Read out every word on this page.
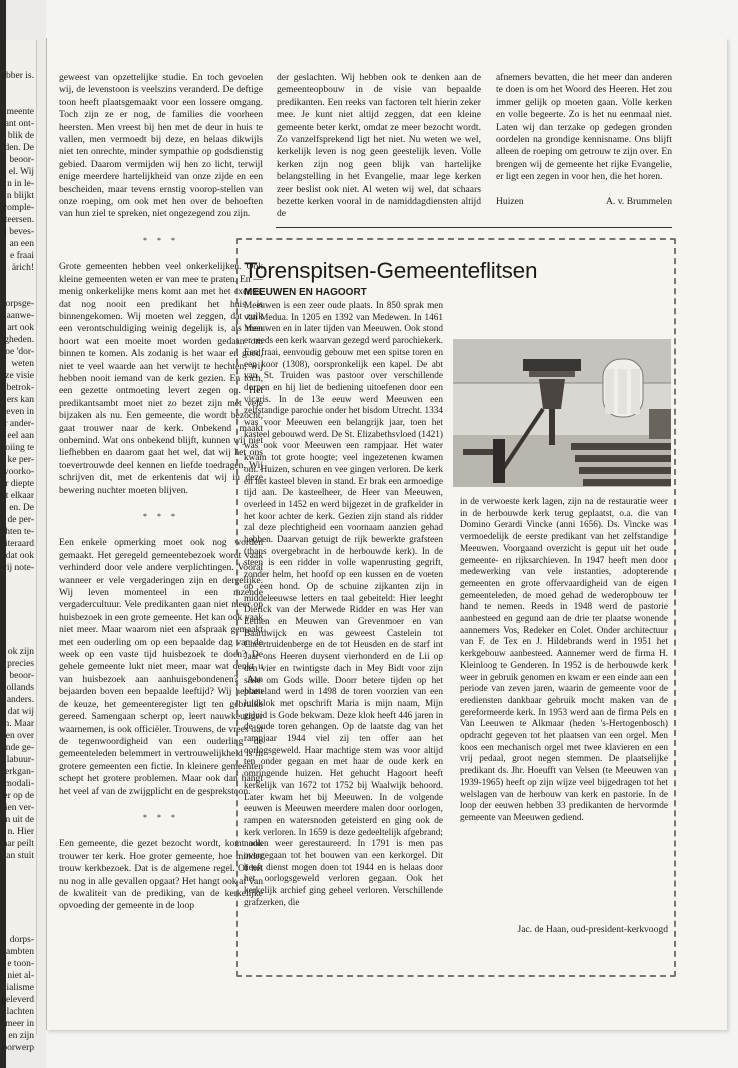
ebber is.
meente
ant ont-
blik de
den. De
beoor-
el. Wij
n in le-
n blijkt
comple-
teersen.
j beves-
an een
e fraai
ärich!
orpsge-
aanwe-
art ook
gheden.
oe 'dor-
weten
ze visie
betrok-
ers kan
even in
r ander-
eel aan
oiing te
ke per-
voorko-
r diepte
t elkaar
en. De
de per-
hten te-
iteraard
dat ook
vij note-
ok zijn
precies
beoor-
ollands
anders.
dat wij
n. Maar
en over
nde ge-
labuur-
erkgan-
modali-
er op de
ien ver-
n uit de
n. Hier
aar peilt
an stuit
dorps-
ambten
e toon-
niet al-
ialisme
geleverd
lachten
meer in
en zijn
oorwerp

geweest van opzettelijke studie. En toch gevoelen wij, de levenstoon is veelszins veranderd. De deftige toon heeft plaatsgemaakt voor een lossere omgang. Toch zijn ze er nog, de families die voorheen heersten. Men vreest bij hen met de deur in huis te vallen, men vermoedt bij deze, en helaas dikwijls niet ten onrechte, minder sympathie op godsdienstig gebied. Daarom vermijden wij hen zo licht, terwijl enige meerdere hartelijkheid van onze zijde en een bescheiden, maar tevens ernstig voorop-stellen van onze roeping, om ook met hen over de behoeften van hun ziel te spreken, niet ongezegend zou zijn.

* * *

Grote gemeenten hebben veel onkerkelijken. Ook kleine gemeenten weten er van mee te praten. En — menig onkerkelijke mens komt aan met het excuus, dat nog nooit een predikant het huis is binnengekomen. Wij moeten wel zeggen, dat zulk een verontschuldiging weinig degelijk is, als men hoort wat een moeite moet worden gedaan om binnen te komen. Als zodanig is het waar en goed, niet te veel waarde aan het verwijt te hechten; wij hebben nooit iemand van de kerk gezien. En toch, een gezette ontmoeting levert zegen op. Het predikantsambt moet niet zo bezet zijn met vele bijzaken als nu. Een gemeente, die wordt bezocht, gaat trouwer naar de kerk. Onbekend maakt onbemind. Wat ons onbekend blijft, kunnen wij niet liefhebben en daarom gaat het wel, dat wij het ons toevertrouwde deel kennen en liefde toedragen. Wij schrijven dit, met de erkentenis dat wij in deze bewering nuchter moeten blijven.

* * *

Een enkele opmerking moet ook nog worden gemaakt. Het geregeld gemeentebezoek wordt vaak verhinderd door vele andere verplichtingen. Vooral wanneer er vele vergaderingen zijn en dergelijke. Wij leven momenteel in een razende vergadercultuur. Vele predikanten gaan niet meer op huisbezoek in een grote gemeente. Het kan ook vaak niet meer. Maar waarom niet een afspraak gemaakt met een ouderling om op een bepaalde dag van de week op een vaste tijd huisbezoek te doen? De gehele gemeente lukt niet meer, maar wat denkt u van huisbezoek aan aanhuisgebondenen? Aan bejaarden boven een bepaalde leeftijd? Wij hebben de keuze, het gemeenteregister ligt ten gebruike gereed. Samengaan scherpt op, leert nauwkeuriger waarnemen, is ook officiëler. Trouwens, de vrees dat de tegenwoordigheid van een ouderling de gemeenteleden belemmert in vertrouwelijkheid is in grotere gemeenten een fictie. In kleinere gemeenten schept het grotere problemen. Maar ook dan hangt het veel af van de zwijgplicht en de gesprekstoon.

* * *

Een gemeente, die gezet bezocht wordt, komt ook trouwer ter kerk. Hoe groter gemeente, hoe minder trouw kerkbezoek. Dat is de algemene regel. Of het nu nog in alle gevallen opgaat? Het hangt ook af van de kwaliteit van de prediking, van de kerkelijke opvoeding der gemeente in de loop

der geslachten. Wij hebben ook te denken aan de gemeenteopbouw in de visie van bepaalde predikanten. Een reeks van factoren telt hierin zeker mee. Je kunt niet altijd zeggen, dat een kleine gemeente beter kerkt, omdat ze meer bezocht wordt. Zo vanzelfsprekend ligt het niet. Nu weten we wel, kerkelijk leven is nog geen geestelijk leven. Volle kerken zijn nog geen blijk van hartelijke belangstelling in het Evangelie, maar lege kerken zeer beslist ook niet. Al weten wij wel, dat schaars bezette kerken vooral in de namiddagdiensten altijd de

afnemers bevatten, die het meer dan anderen te doen is om het Woord des Heeren. Het zou immer gelijk op moeten gaan. Volle kerken en volle begeerte. Zo is het nu eenmaal niet. Laten wij dan terzake op gedegen gronden oordelen na grondige kennisname. Ons blijft alleen de roeping om getrouw te zijn over. En brengen wij de gemeente het rijke Evangelie, er ligt een zegen in voor hen, die het horen.

Huizen	A. v. Brummelen
Torenspitsen-Gemeenteflitsen
MEEUWEN EN HAGOORT

Meeuwen is een zeer oude plaats. In 850 sprak men van Medua. In 1205 en 1392 van Medewen. In 1461 Meeuwen en in later tijden van Meeuwen. Ook stond er reeds een kerk waarvan gezegd werd parochiekerk. Een fraai, eenvoudig gebouw met een spitse toren en een koor (1308), oorspronkelijk een kapel. De abt van St. Truiden was pastoor over verschillende dorpen en hij liet de bediening uitoefenen door een vicaris. In de 13e eeuw werd Meeuwen een zelfstandige parochie onder het bisdom Utrecht. 1334 was voor Meeuwen een belangrijk jaar, toen het kasteel gebouwd werd. De St. Elizabethsvloed (1421) was ook voor Meeuwen een rampjaar. Het water kwam tot grote hoogte; veel ingezetenen kwamen om. Huizen, schuren en vee gingen verloren. De kerk en het kasteel bleven in stand. Er brak een armoedige tijd aan. De kasteelheer, de Heer van Meeuwen, overleed in 1452 en werd bijgezet in de grafkelder in het koor achter de kerk. Gezien zijn stand als ridder zal deze plechtigheid een voornaam aanzien gehad hebben. Daarvan getuigt de rijk bewerkte grafsteen (thans overgebracht in de herbouwde kerk). In de steen is een ridder in volle wapenrusting gegrift, zonder helm, het hoofd op een kussen en de voeten op een hond. Op de schuine zijkanten zijn in middeleeuwse letters en taal gebeiteld: Hier leeght Dierick van der Merwede Ridder en was Her van Eethen en Meuwen van Grevenmoer en van Baardwijck en was geweest Castelein tot Cheertruidenberge en de tot Heusden en de starf int Jaar ons Heeren duysent vierhonderd en de Lii op den vier en twintigste dach in Mey Bidt voor zijn siele om Gods wille. Doorr betere tijden op het platteland werd in 1498 de toren voorzien van een luidklok met opschrift Maria is mijn naam, Mijn geluid is Gode bekwam. Deze klok heeft 446 jaren in de oude toren gehangen. Op de laatste dag van het rampjaar 1944 viel zij ten offer aan het oorlogsgeweld. Haar machtige stem was voor altijd ten onder gegaan en met haar de oude kerk en omringende huizen. Het gehucht Hagoort heeft kerkelijk van 1672 tot 1752 bij Waalwijk behoord. Later kwam het bij Meeuwen. In de volgende eeuwen is Meeuwen meerdere malen door oorlogen, rampen en watersnoden geteisterd en ging ook de kerk verloren. In 1659 is deze gedeeltelijk afgebrand; nadien weer gerestaureerd. In 1791 is men pas overgegaan tot het bouwen van een kerkorgel. Dit heeft dienst mogen doen tot 1944 en is helaas door het oorlogsgeweld verloren gegaan. Ook het kerkelijk archief ging geheel verloren. Verschillende grafzerken, die

in de verwoeste kerk lagen, zijn na de restauratie weer in de herbouwde kerk terug geplaatst, o.a. die van Domino Gerardi Vincke (anni 1656). Ds. Vincke was vermoedelijk de eerste predikant van het zelfstandige Meeuwen. Voorgaand overzicht is geput uit het oude gemeente- en rijksarchieven. In 1947 heeft men door medewerking van vele instanties, adopterende gemeenten en grote offervaardigheid van de eigen gemeenteleden, de moed gehad de wederopbouw ter hand te nemen. Reeds in 1948 werd de pastorie aanbesteed en gegund aan de drie ter plaatse wonende aannemers Vos, Redeker en Colet. Onder architectuur van F. de Tex en J. Hildebrands werd in 1951 het kerkgebouw aanbesteed. Aannemer werd de firma H. Kleinloog te Genderen. In 1952 is de herbouwde kerk weer in gebruik genomen en kwam er een einde aan een periode van zeven jaren, waarin de gemeente voor de erediensten dankbaar gebruik mocht maken van de gereformeerde kerk. In 1953 werd aan de firma Pels en Van Leeuwen te Alkmaar (heden 's-Hertogenbosch) opdracht gegeven tot het plaatsen van een orgel. Men koos een mechanisch orgel met twee klavieren en een vrij pedaal, groot negen stemmen. De plaatselijke predikant ds. Jhr. Hoeufft van Velsen (te Meeuwen van 1939-1965) heeft op zijn wijze veel bijgedragen tot het welslagen van de herbouw van kerk en pastorie. In de loop der eeuwen hebben 33 predikanten de hervormde gemeente van Meeuwen gediend.

Jac. de Haan, oud-president-kerkvoogd
